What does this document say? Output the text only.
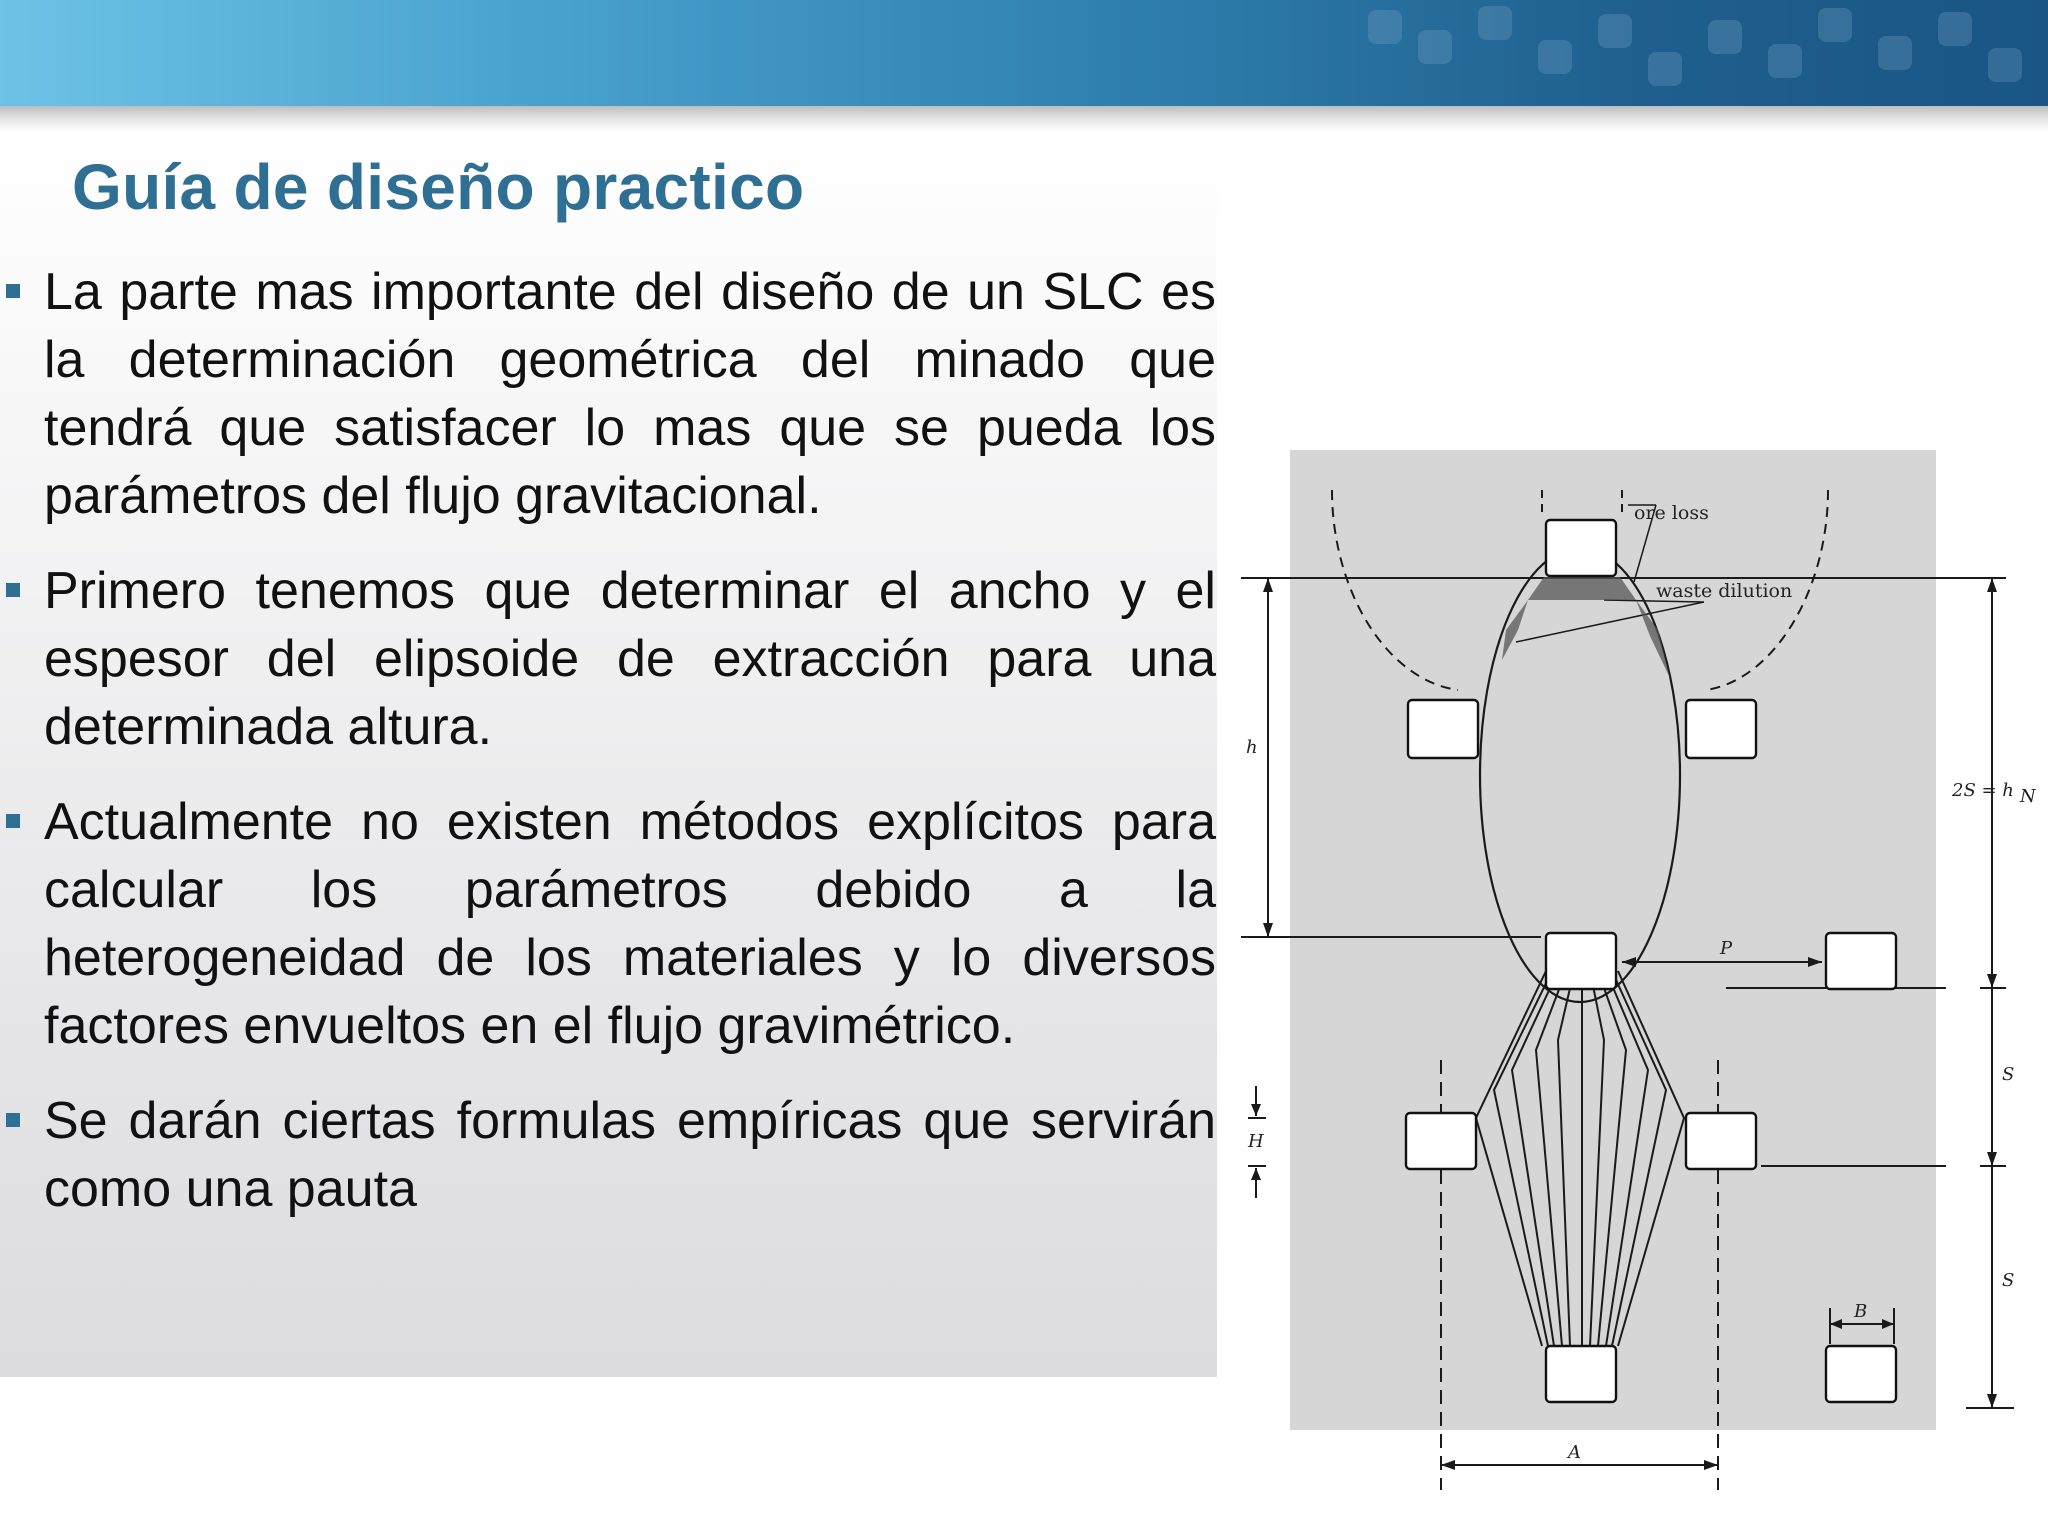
Guía de diseño practico
La parte mas importante del diseño de un SLC es la determinación geométrica del minado que tendrá que satisfacer lo mas que se pueda los parámetros del flujo gravitacional.
Primero tenemos que determinar el ancho y el espesor del elipsoide de extracción para una determinada altura.
Actualmente no existen métodos explícitos para calcular los parámetros debido a la heterogeneidad de los materiales y lo diversos factores envueltos en el flujo gravimétrico.
Se darán ciertas formulas empíricas que servirán como una pauta
ore loss
waste dilution
h
2S = h N
P
S
S
H
B
A
